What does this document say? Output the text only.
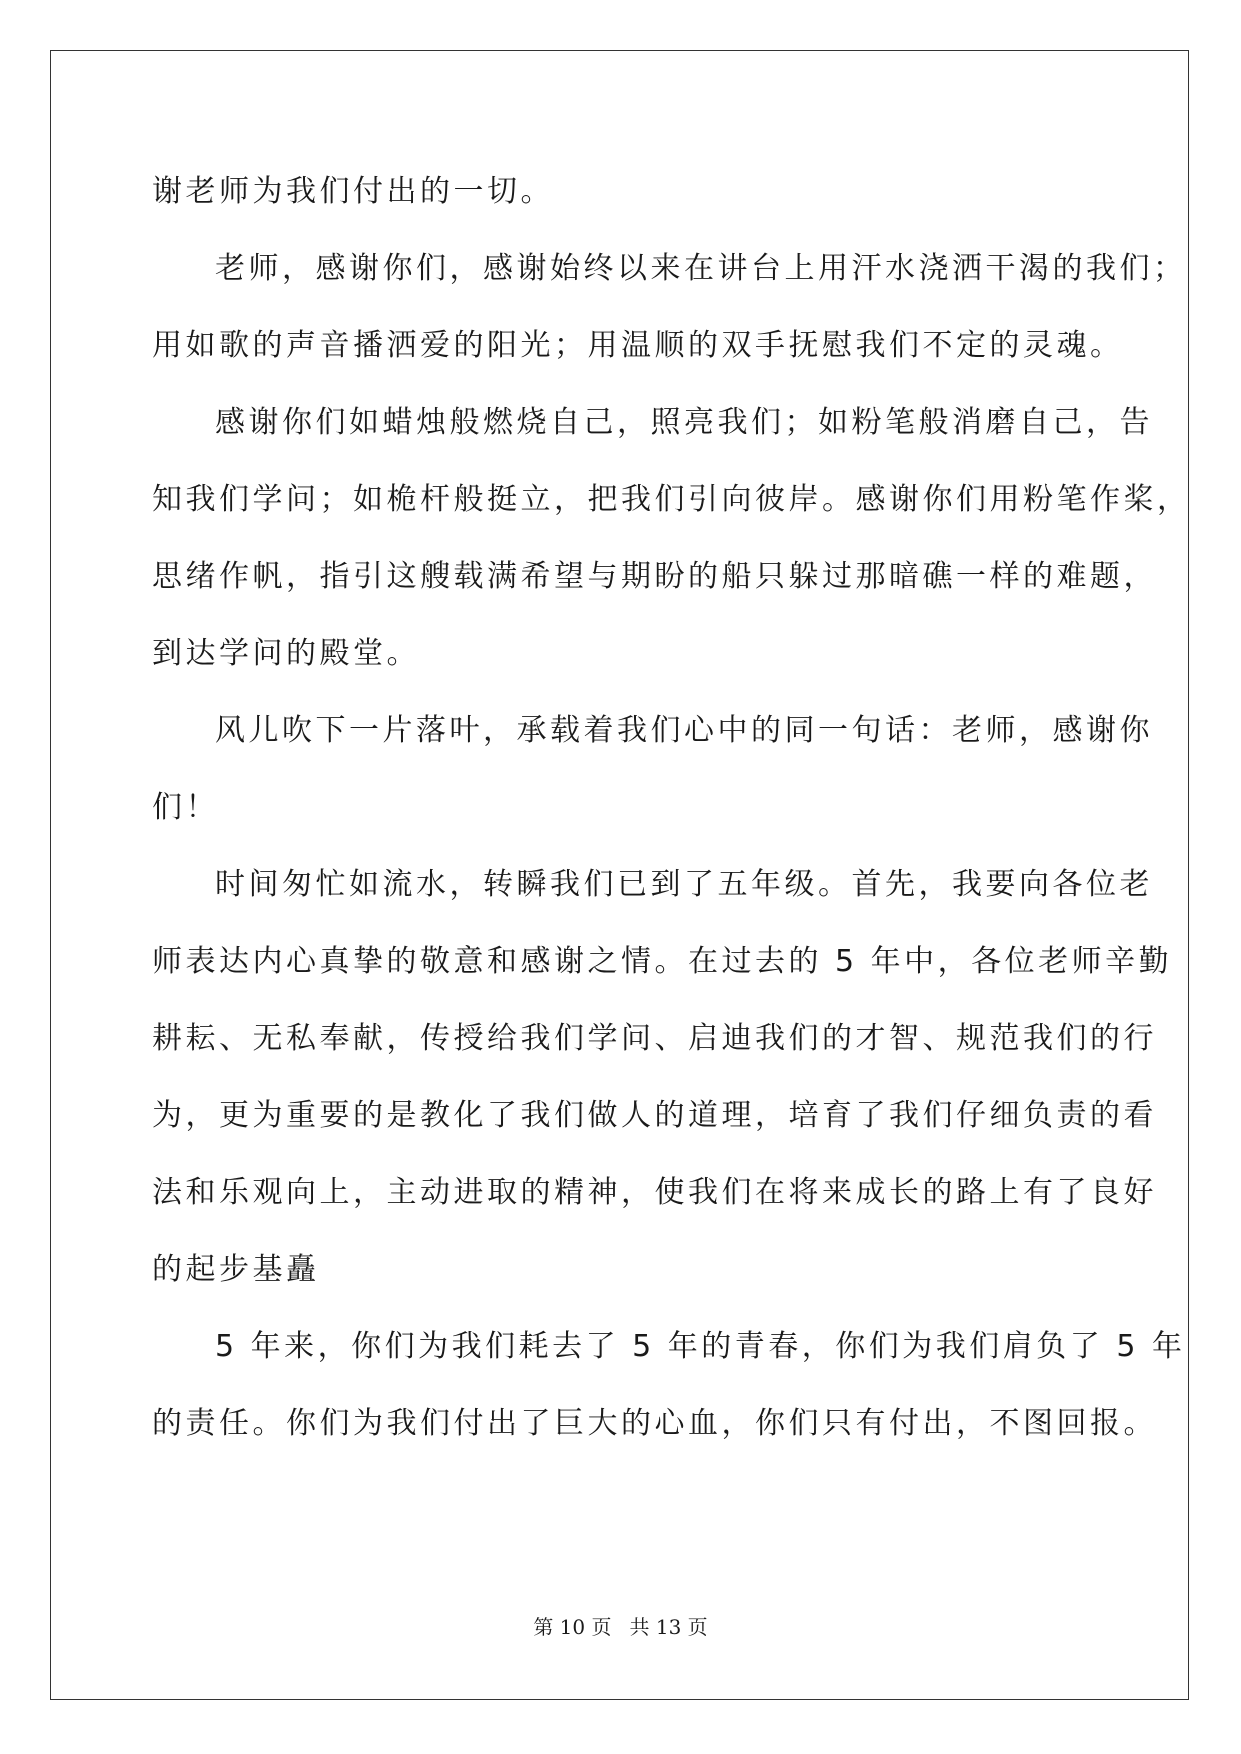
谢老师为我们付出的一切。
老师，感谢你们，感谢始终以来在讲台上用汗水浇洒干渴的我们；
用如歌的声音播洒爱的阳光；用温顺的双手抚慰我们不定的灵魂。
感谢你们如蜡烛般燃烧自己，照亮我们；如粉笔般消磨自己，告
知我们学问；如桅杆般挺立，把我们引向彼岸。感谢你们用粉笔作桨，
思绪作帆，指引这艘载满希望与期盼的船只躲过那暗礁一样的难题，
到达学问的殿堂。
风儿吹下一片落叶，承载着我们心中的同一句话：老师，感谢你
们！
时间匆忙如流水，转瞬我们已到了五年级。首先，我要向各位老
师表达内心真挚的敬意和感谢之情。在过去的 5 年中，各位老师辛勤
耕耘、无私奉献，传授给我们学问、启迪我们的才智、规范我们的行
为，更为重要的是教化了我们做人的道理，培育了我们仔细负责的看
法和乐观向上，主动进取的精神，使我们在将来成长的路上有了良好
的起步基矗
5 年来，你们为我们耗去了 5 年的青春，你们为我们肩负了 5 年
的责任。你们为我们付出了巨大的心血，你们只有付出，不图回报。
第 10 页 共 13 页
